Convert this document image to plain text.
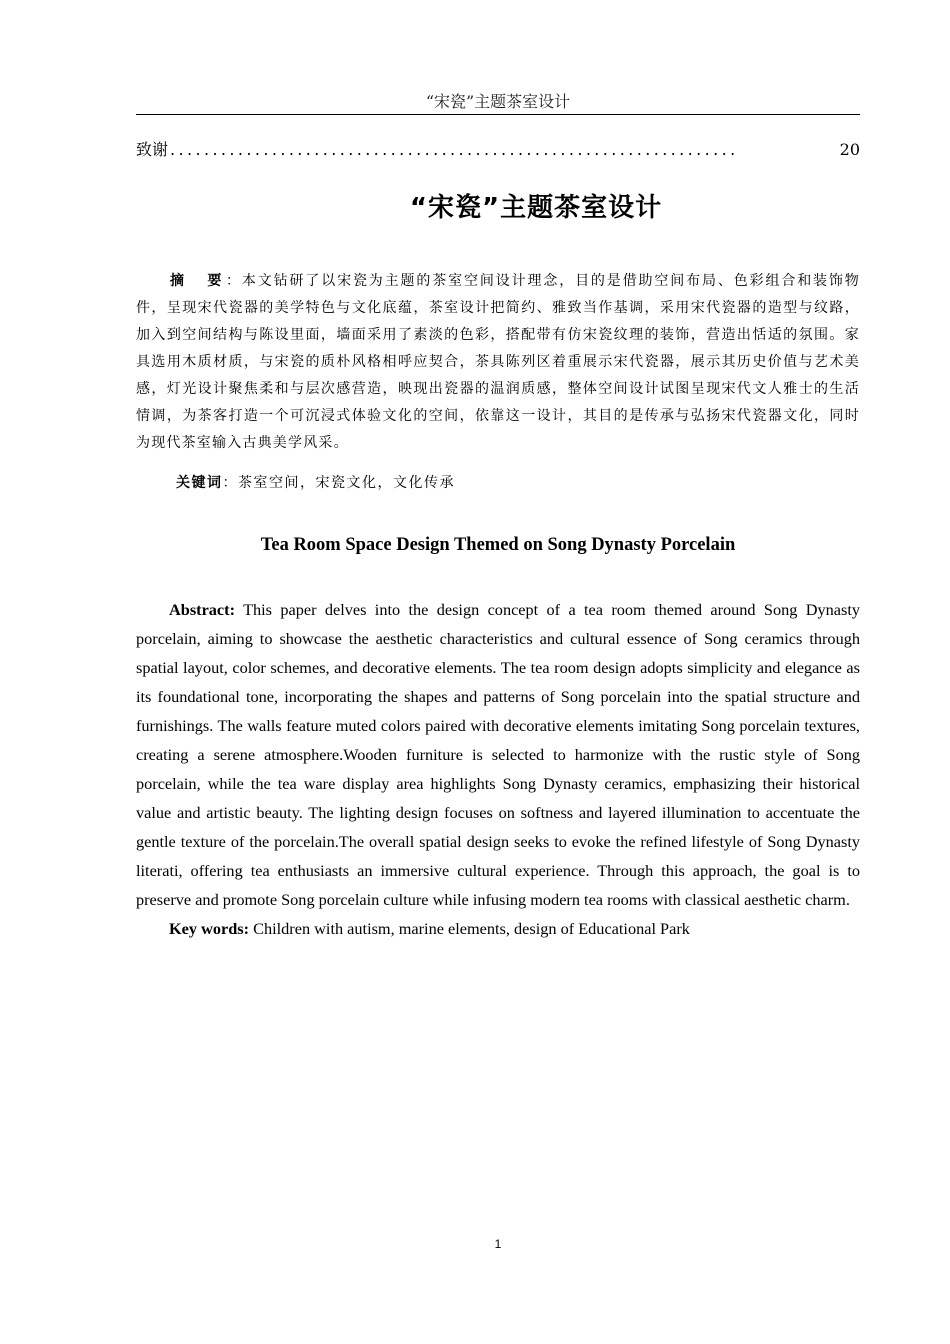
“宋瓷”主题茶室设计
致谢 ...................................................................	20
“宋瓷”主题茶室设计

摘　要：本文钻研了以宋瓷为主题的茶室空间设计理念，目的是借助空间布局、色彩组合和装饰物件，呈现宋代瓷器的美学特色与文化底蕴，茶室设计把简约、雅致当作基调，采用宋代瓷器的造型与纹路，加入到空间结构与陈设里面，墙面采用了素淡的色彩，搭配带有仿宋瓷纹理的装饰，营造出恬适的氛围。家具选用木质材质，与宋瓷的质朴风格相呼应契合，茶具陈列区着重展示宋代瓷器，展示其历史价值与艺术美感，灯光设计聚焦柔和与层次感营造，映现出瓷器的温润质感，整体空间设计试图呈现宋代文人雅士的生活情调，为茶客打造一个可沉浸式体验文化的空间，依靠这一设计，其目的是传承与弘扬宋代瓷器文化，同时为现代茶室输入古典美学风采。

关键词：茶室空间，宋瓷文化，文化传承
Tea Room Space Design Themed on Song Dynasty Porcelain

Abstract: This paper delves into the design concept of a tea room themed around Song Dynasty porcelain, aiming to showcase the aesthetic characteristics and cultural essence of Song ceramics through spatial layout, color schemes, and decorative elements. The tea room design adopts simplicity and elegance as its foundational tone, incorporating the shapes and patterns of Song porcelain into the spatial structure and furnishings. The walls feature muted colors paired with decorative elements imitating Song porcelain textures, creating a serene atmosphere.Wooden furniture is selected to harmonize with the rustic style of Song porcelain, while the tea ware display area highlights Song Dynasty ceramics, emphasizing their historical value and artistic beauty. The lighting design focuses on softness and layered illumination to accentuate the gentle texture of the porcelain.The overall spatial design seeks to evoke the refined lifestyle of Song Dynasty literati, offering tea enthusiasts an immersive cultural experience. Through this approach, the goal is to preserve and promote Song porcelain culture while infusing modern tea rooms with classical aesthetic charm.

Key words: Children with autism, marine elements, design of Educational Park
1
